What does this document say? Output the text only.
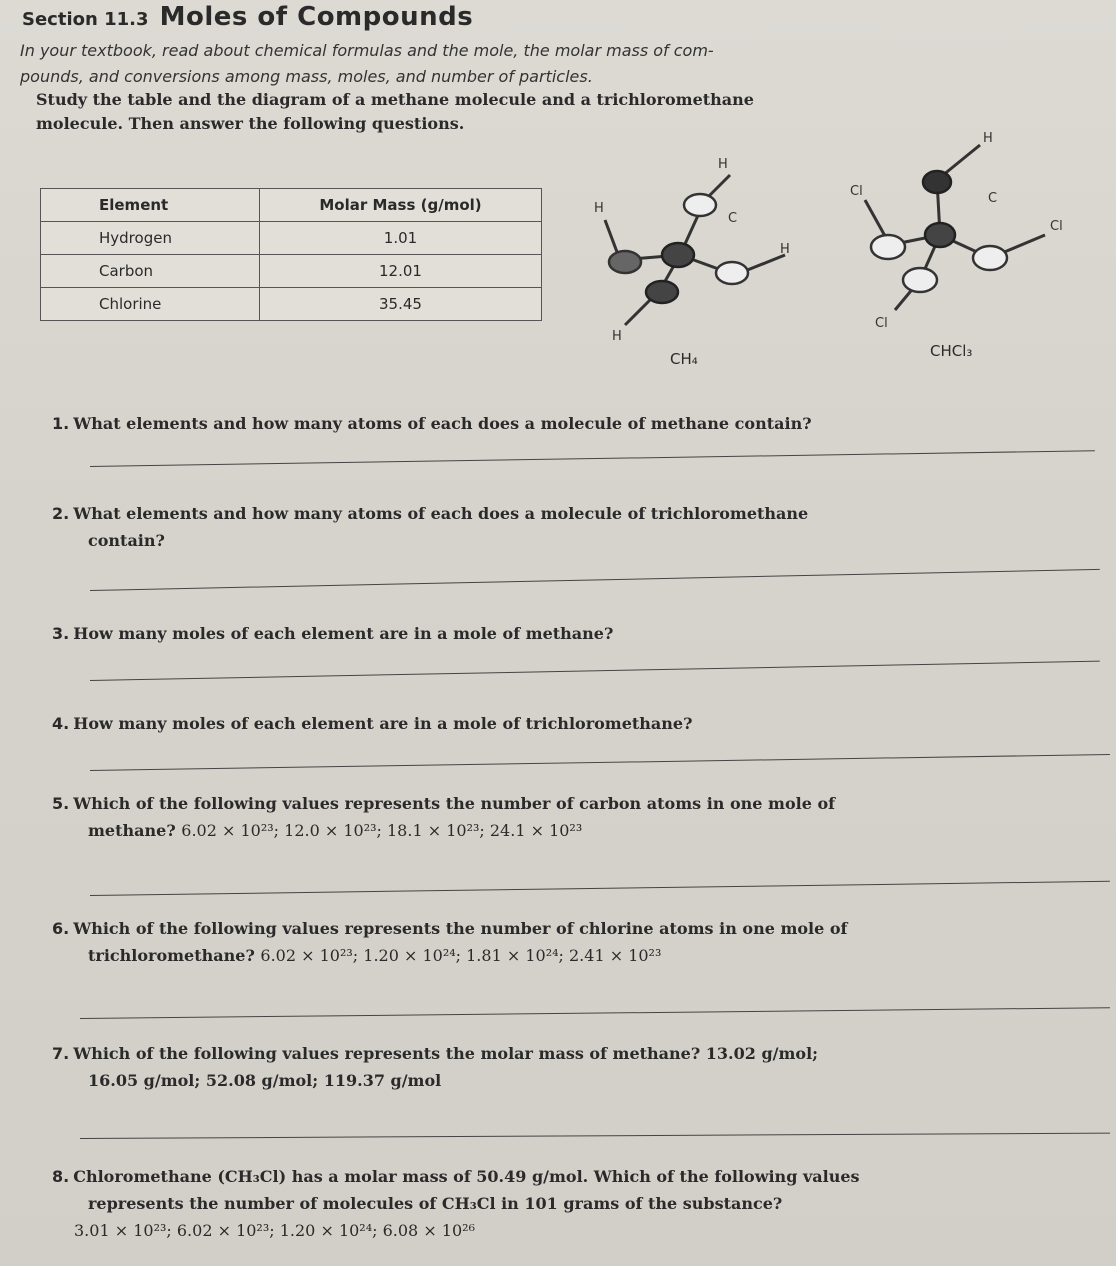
Section 11.3 Moles of Compounds
In your textbook, read about chemical formulas and the mole, the molar mass of com-
pounds, and conversions among mass, moles, and number of particles.
Study the table and the diagram of a methane molecule and a trichloromethane
molecule. Then answer the following questions.
Element	Molar Mass (g/mol)
Hydrogen	1.01
Carbon	12.01
Chlorine	35.45
H
H
C
H
H
CH₄
H
Cl	C
Cl
Cl
CHCl₃
1. What elements and how many atoms of each does a molecule of methane contain?
2. What elements and how many atoms of each does a molecule of trichloromethane
contain?
3. How many moles of each element are in a mole of methane?
4. How many moles of each element are in a mole of trichloromethane?
5. Which of the following values represents the number of carbon atoms in one mole of
methane? 6.02 × 10²³; 12.0 × 10²³; 18.1 × 10²³; 24.1 × 10²³
6. Which of the following values represents the number of chlorine atoms in one mole of
trichloromethane? 6.02 × 10²³; 1.20 × 10²⁴; 1.81 × 10²⁴; 2.41 × 10²³
7. Which of the following values represents the molar mass of methane? 13.02 g/mol;
16.05 g/mol; 52.08 g/mol; 119.37 g/mol
8. Chloromethane (CH₃Cl) has a molar mass of 50.49 g/mol. Which of the following values
represents the number of molecules of CH₃Cl in 101 grams of the substance?
3.01 × 10²³; 6.02 × 10²³; 1.20 × 10²⁴; 6.08 × 10²⁶
